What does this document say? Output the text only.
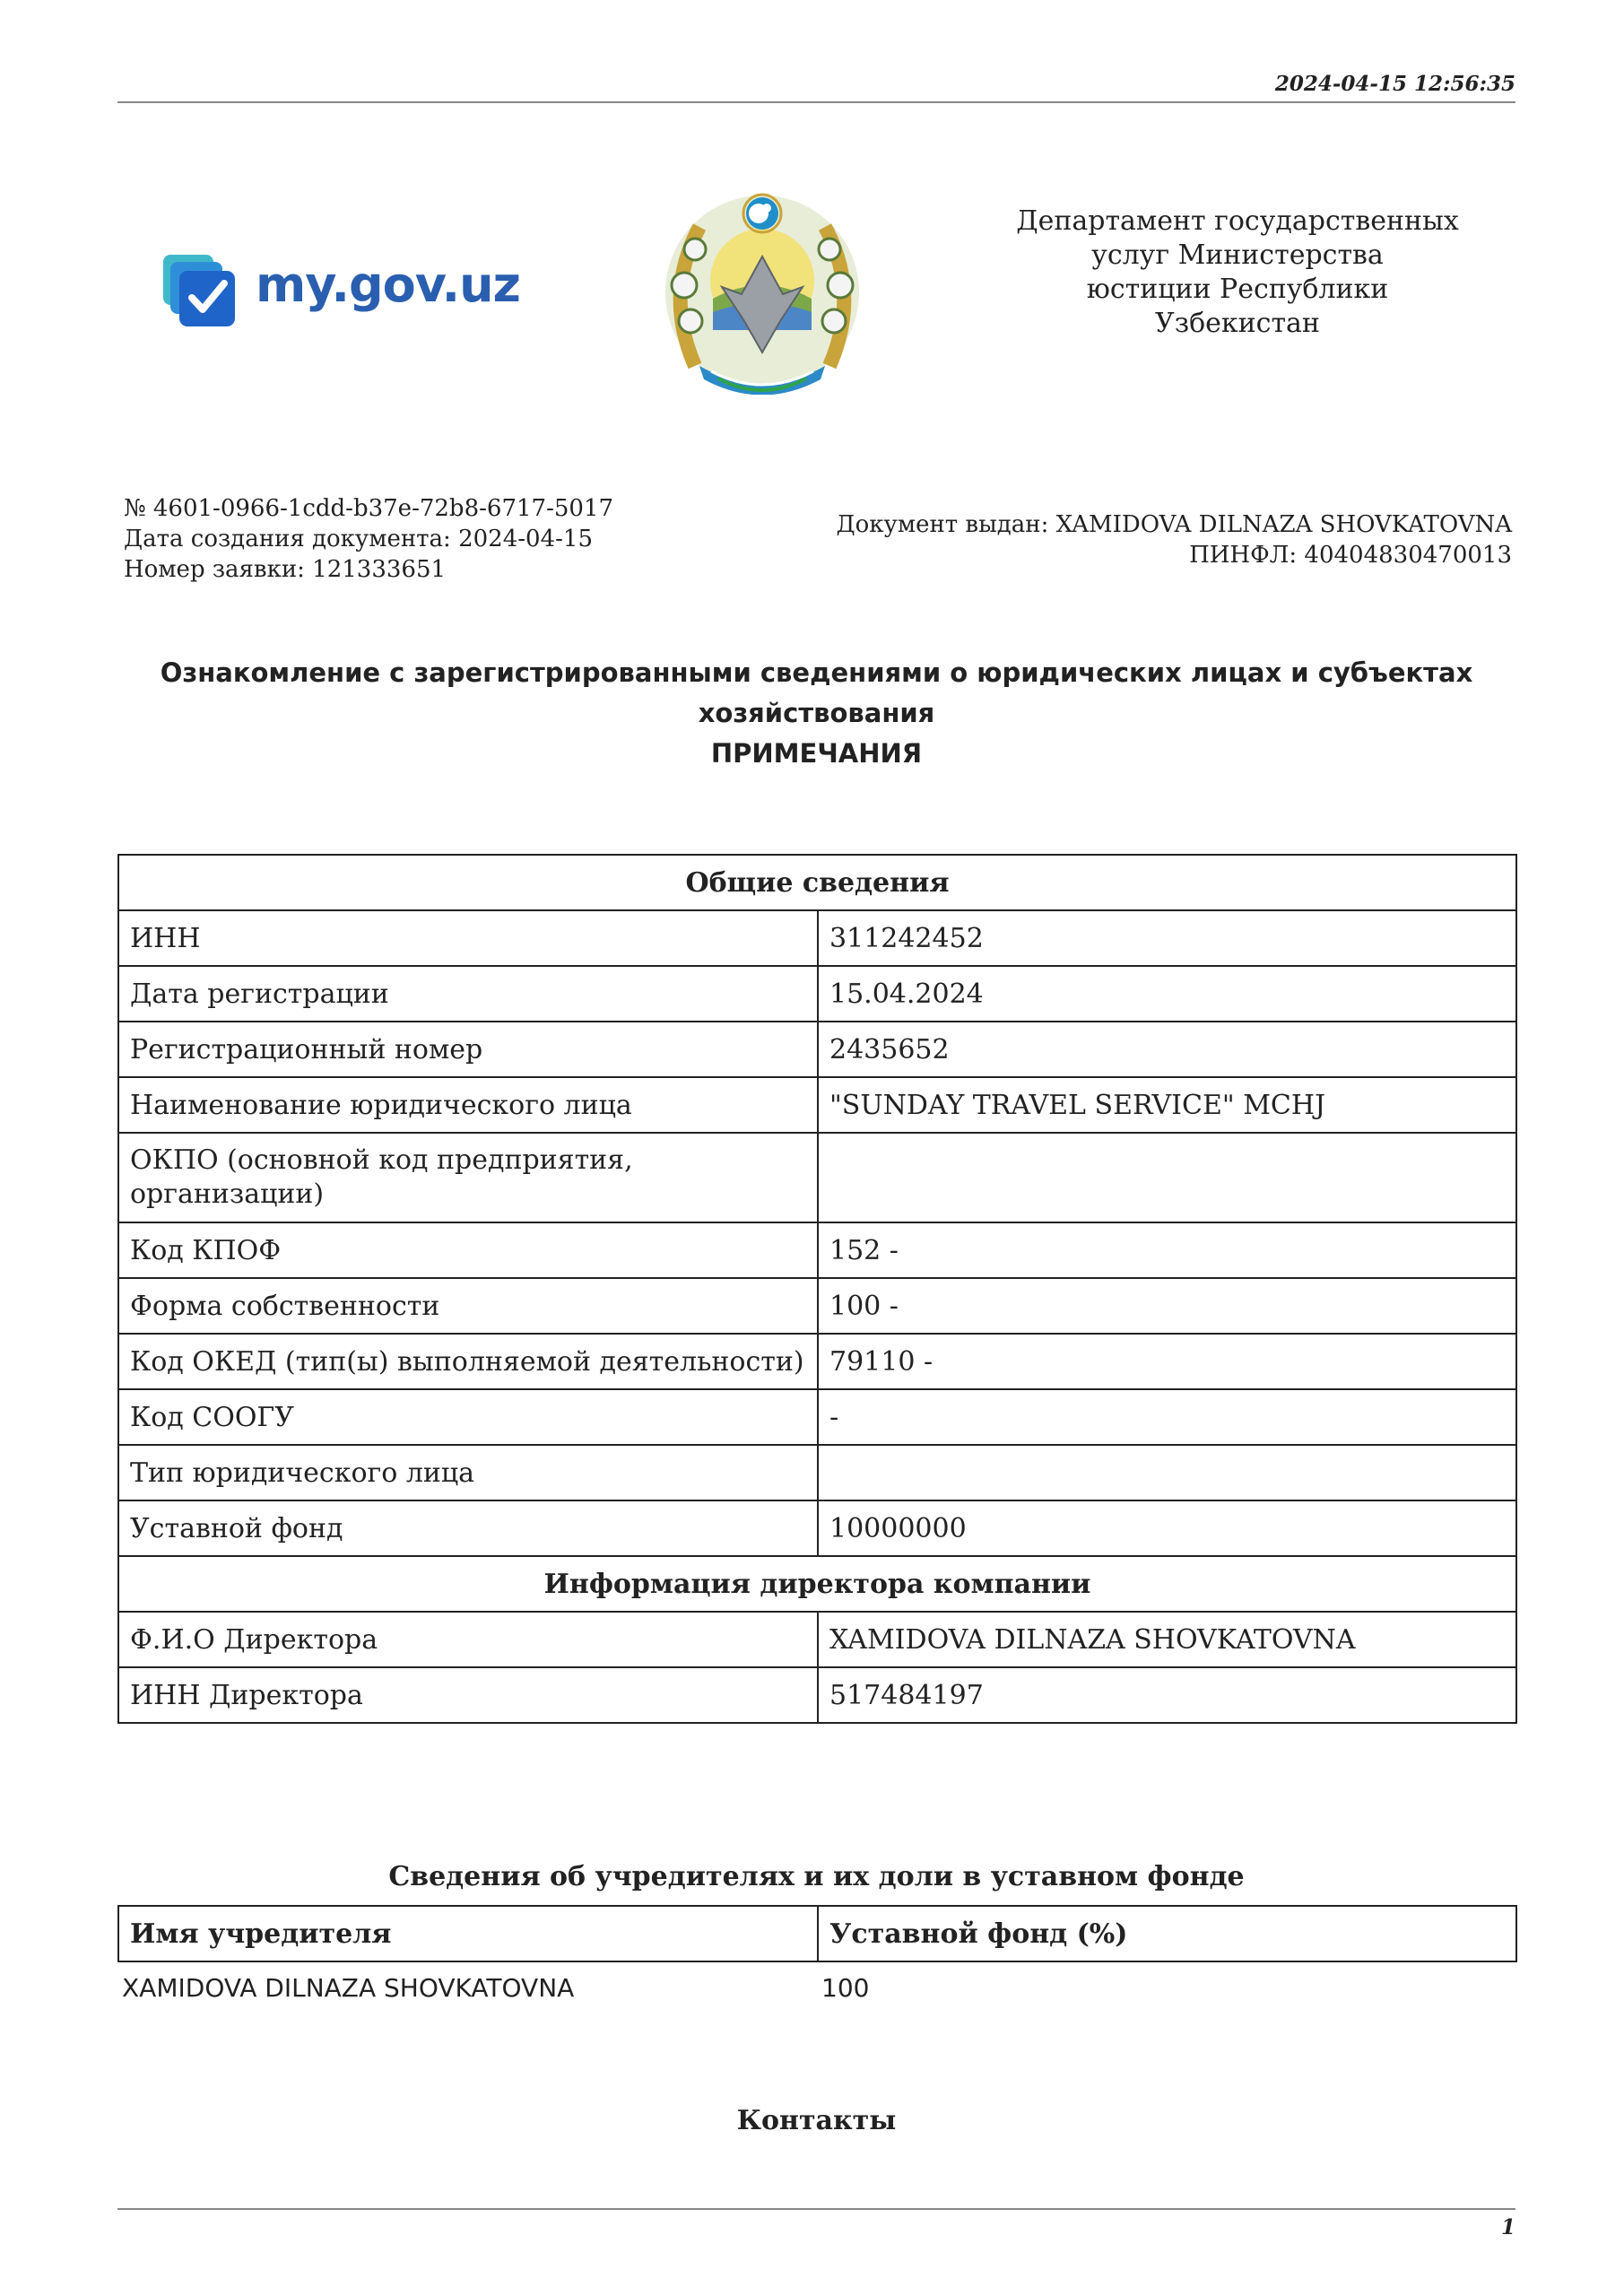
2024-04-15 12:56:35
my.gov.uz
Департамент государственных
услуг Министерства
юстиции Республики
Узбекистан
№ 4601-0966-1cdd-b37e-72b8-6717-5017
Дата создания документа: 2024-04-15
Номер заявки: 121333651
Документ выдан: XAMIDOVA DILNAZA SHOVKATOVNA
ПИНФЛ: 40404830470013
Ознакомление с зарегистрированными сведениями о юридических лицах и субъектах
хозяйствования
ПРИМЕЧАНИЯ
Общие сведения	
ИНН	311242452
Дата регистрации	15.04.2024
Регистрационный номер	2435652
Наименование юридического лица	"SUNDAY TRAVEL SERVICE" MCHJ
ОКПО (основной код предприятия, организации)	
Код КПОФ	152 -
Форма собственности	100 -
Код ОКЕД (тип(ы) выполняемой деятельности)	79110 -
Код СООГУ	-
Тип юридического лица	
Уставной фонд	10000000
Информация директора компании	
Ф.И.О Директора	XAMIDOVA DILNAZA SHOVKATOVNA
ИНН Директора	517484197
Сведения об учредителях и их доли в уставном фонде
Имя учредителя	Уставной фонд (%)
XAMIDOVA DILNAZA SHOVKATOVNA	100
Контакты
1
